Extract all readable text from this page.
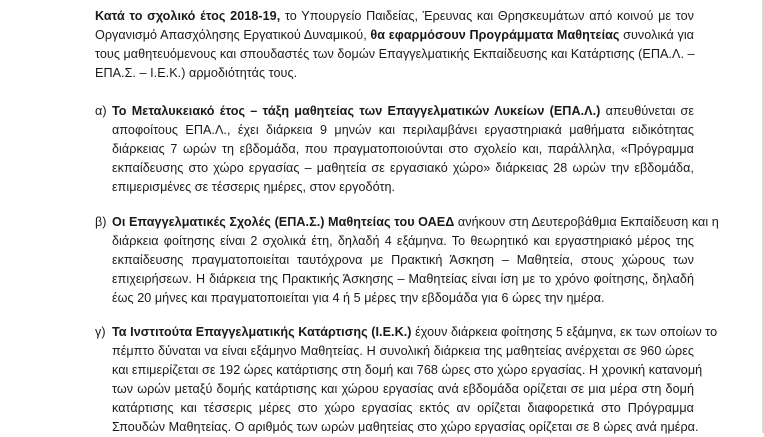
Κατά το σχολικό έτος 2018-19, το Υπουργείο Παιδείας, Έρευνας και Θρησκευμάτων από κοινού με τον
Οργανισμό Απασχόλησης Εργατικού Δυναμικού, θα εφαρμόσουν Προγράμματα Μαθητείας συνολικά για
τους μαθητευόμενους και σπουδαστές των δομών Επαγγελματικής Εκπαίδευσης και Κατάρτισης (ΕΠΑ.Λ. –
ΕΠΑ.Σ. – Ι.Ε.Κ.) αρμοδιότητάς τους.
α) Το Μεταλυκειακό έτος – τάξη μαθητείας των Επαγγελματικών Λυκείων (ΕΠΑ.Λ.) απευθύνεται σε
αποφοίτους ΕΠΑ.Λ., έχει διάρκεια 9 μηνών και περιλαμβάνει εργαστηριακά μαθήματα ειδικότητας
διάρκειας 7 ωρών τη εβδομάδα, που πραγματοποιούνται στο σχολείο και, παράλληλα, «Πρόγραμμα
εκπαίδευσης στο χώρο εργασίας – μαθητεία σε εργασιακό χώρο» διάρκειας 28 ωρών την εβδομάδα,
επιμερισμένες σε τέσσερις ημέρες, στον εργοδότη.
β) Οι Επαγγελματικές Σχολές (ΕΠΑ.Σ.) Μαθητείας του ΟΑΕΔ ανήκουν στη Δευτεροβάθμια Εκπαίδευση και η
διάρκεια φοίτησης είναι 2 σχολικά έτη, δηλαδή 4 εξάμηνα. Το θεωρητικό και εργαστηριακό μέρος της
εκπαίδευσης πραγματοποιείται ταυτόχρονα με Πρακτική Άσκηση – Μαθητεία, στους χώρους των
επιχειρήσεων. Η διάρκεια της Πρακτικής Άσκησης – Μαθητείας είναι ίση με το χρόνο φοίτησης, δηλαδή
έως 20 μήνες και πραγματοποιείται για 4 ή 5 μέρες την εβδομάδα για 6 ώρες την ημέρα.
γ) Τα Ινστιτούτα Επαγγελματικής Κατάρτισης (Ι.Ε.Κ.) έχουν διάρκεια φοίτησης 5 εξάμηνα, εκ των οποίων το
πέμπτο δύναται να είναι εξάμηνο Μαθητείας. Η συνολική διάρκεια της μαθητείας ανέρχεται σε 960 ώρες
και επιμερίζεται σε 192 ώρες κατάρτισης στη δομή και 768 ώρες στο χώρο εργασίας. Η χρονική κατανομή
των ωρών μεταξύ δομής κατάρτισης και χώρου εργασίας ανά εβδομάδα ορίζεται σε μια μέρα στη δομή
κατάρτισης και τέσσερις μέρες στο χώρο εργασίας εκτός αν ορίζεται διαφορετικά στο Πρόγραμμα
Σπουδών Μαθητείας. Ο αριθμός των ωρών μαθητείας στο χώρο εργασίας ορίζεται σε 8 ώρες ανά ημέρα.
